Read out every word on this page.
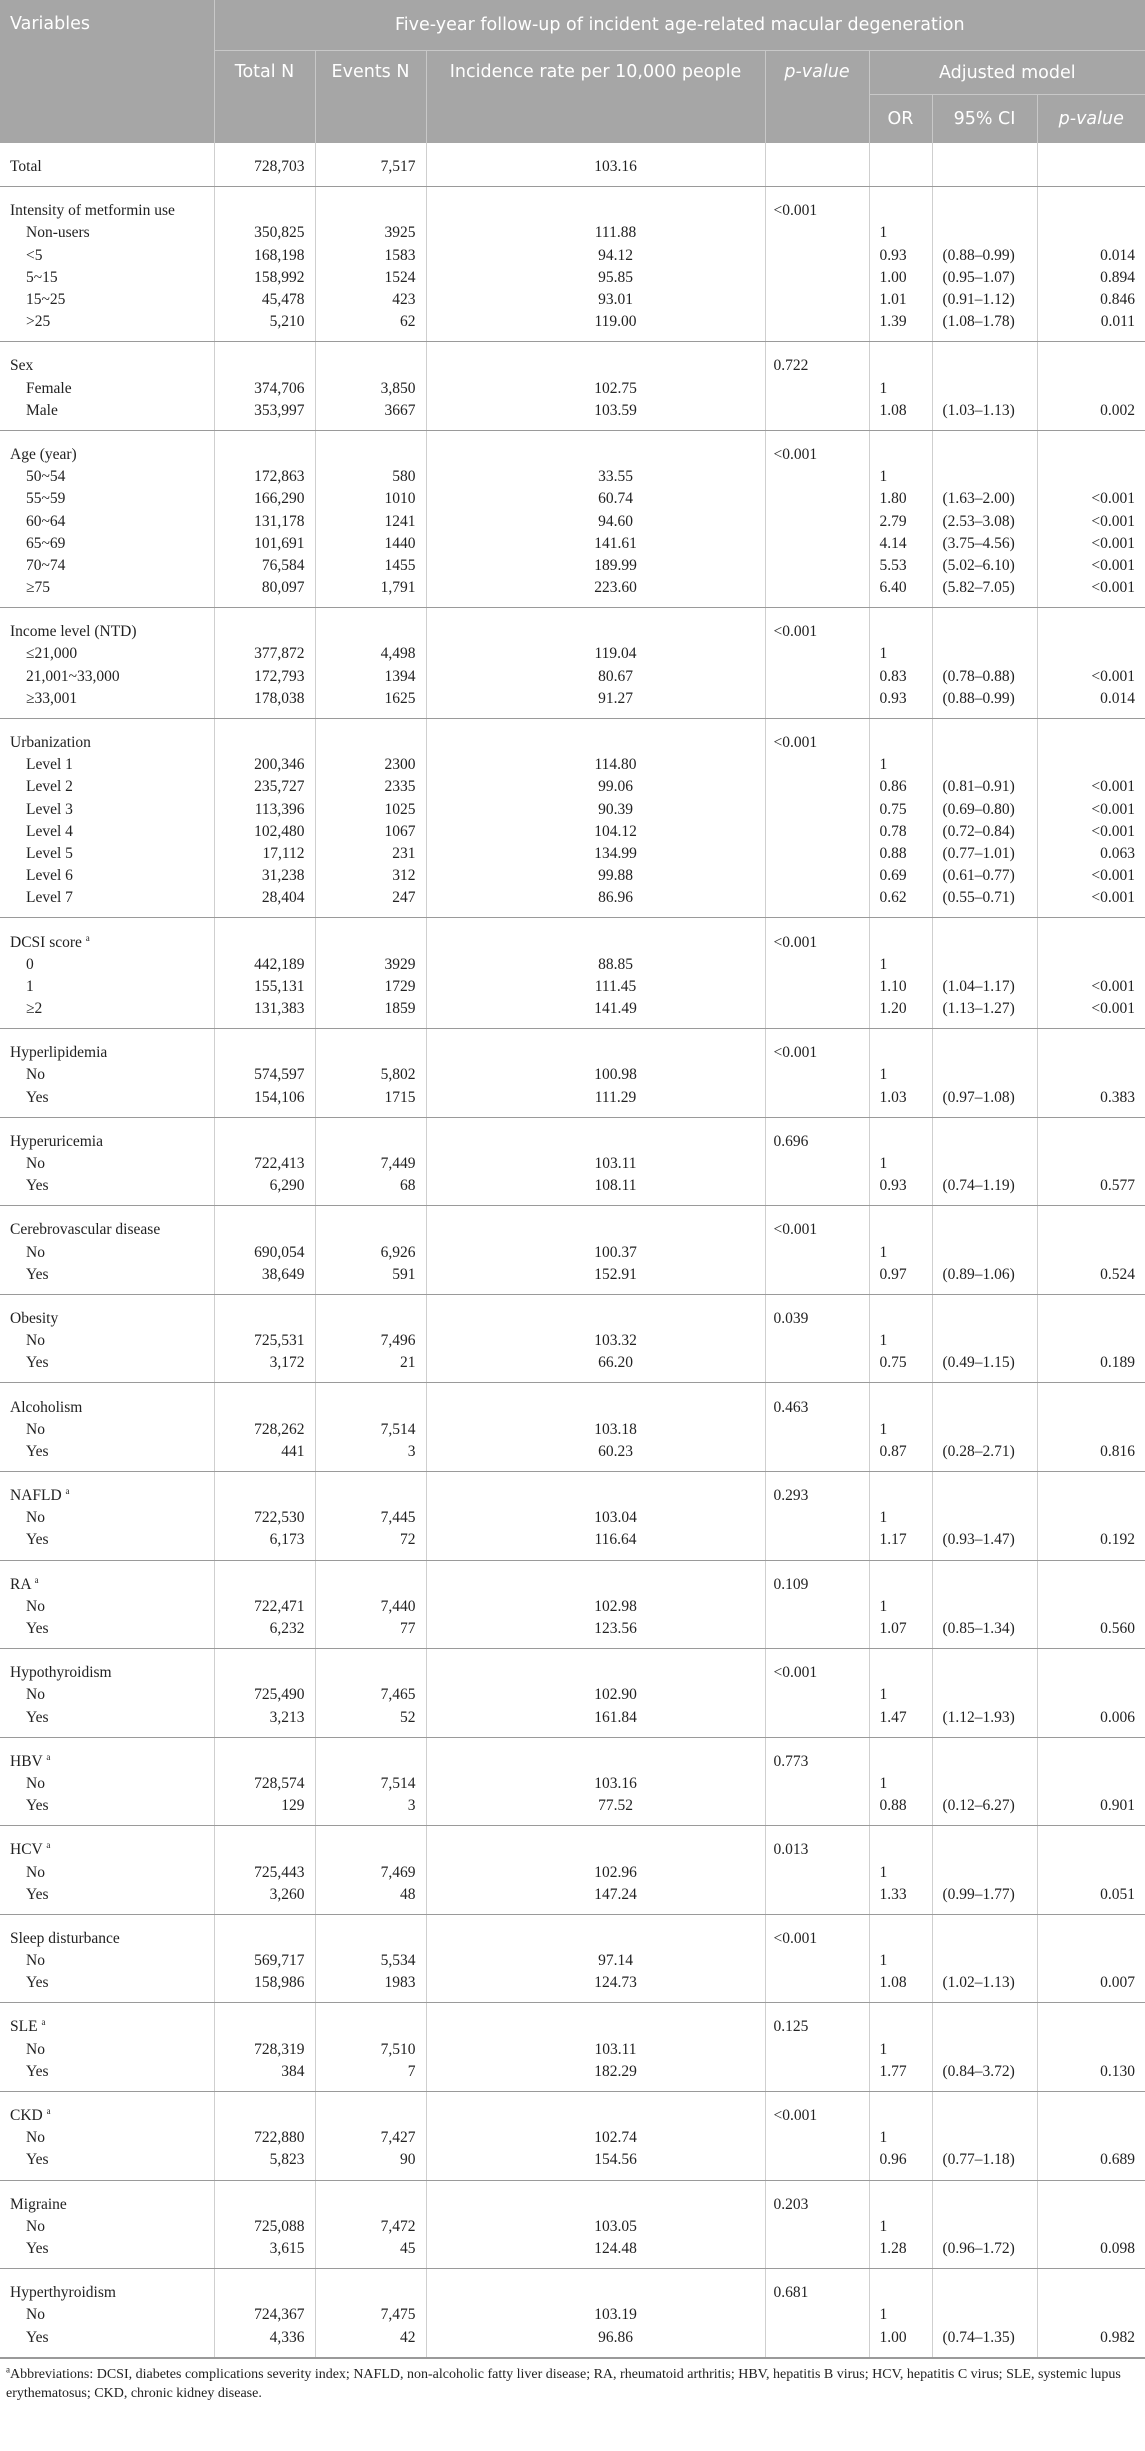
Variables	Five-year follow-up of incident age-related macular degeneration						
	Total N	Events N	Incidence rate per 10,000 people	p-value	Adjusted model		
					OR	95% CI	p-value
Total	728,703	7,517	103.16				
Intensity of metformin use				<0.001			
Non-users	350,825	3925	111.88		1		
<5	168,198	1583	94.12		0.93	(0.88–0.99)	0.014
5~15	158,992	1524	95.85		1.00	(0.95–1.07)	0.894
15~25	45,478	423	93.01		1.01	(0.91–1.12)	0.846
>25	5,210	62	119.00		1.39	(1.08–1.78)	0.011
Sex				0.722			
Female	374,706	3,850	102.75		1		
Male	353,997	3667	103.59		1.08	(1.03–1.13)	0.002
Age (year)				<0.001			
50~54	172,863	580	33.55		1		
55~59	166,290	1010	60.74		1.80	(1.63–2.00)	<0.001
60~64	131,178	1241	94.60		2.79	(2.53–3.08)	<0.001
65~69	101,691	1440	141.61		4.14	(3.75–4.56)	<0.001
70~74	76,584	1455	189.99		5.53	(5.02–6.10)	<0.001
≥75	80,097	1,791	223.60		6.40	(5.82–7.05)	<0.001
Income level (NTD)				<0.001			
≤21,000	377,872	4,498	119.04		1		
21,001~33,000	172,793	1394	80.67		0.83	(0.78–0.88)	<0.001
≥33,001	178,038	1625	91.27		0.93	(0.88–0.99)	0.014
Urbanization				<0.001			
Level 1	200,346	2300	114.80		1		
Level 2	235,727	2335	99.06		0.86	(0.81–0.91)	<0.001
Level 3	113,396	1025	90.39		0.75	(0.69–0.80)	<0.001
Level 4	102,480	1067	104.12		0.78	(0.72–0.84)	<0.001
Level 5	17,112	231	134.99		0.88	(0.77–1.01)	0.063
Level 6	31,238	312	99.88		0.69	(0.61–0.77)	<0.001
Level 7	28,404	247	86.96		0.62	(0.55–0.71)	<0.001
DCSI score $^a$				<0.001			
0	442,189	3929	88.85		1		
1	155,131	1729	111.45		1.10	(1.04–1.17)	<0.001
≥2	131,383	1859	141.49		1.20	(1.13–1.27)	<0.001
Hyperlipidemia				<0.001			
No	574,597	5,802	100.98		1		
Yes	154,106	1715	111.29		1.03	(0.97–1.08)	0.383
Hyperuricemia				0.696			
No	722,413	7,449	103.11		1		
Yes	6,290	68	108.11		0.93	(0.74–1.19)	0.577
Cerebrovascular disease				<0.001			
No	690,054	6,926	100.37		1		
Yes	38,649	591	152.91		0.97	(0.89–1.06)	0.524
Obesity				0.039			
No	725,531	7,496	103.32		1		
Yes	3,172	21	66.20		0.75	(0.49–1.15)	0.189
Alcoholism				0.463			
No	728,262	7,514	103.18		1		
Yes	441	3	60.23		0.87	(0.28–2.71)	0.816
NAFLD $^a$				0.293			
No	722,530	7,445	103.04		1		
Yes	6,173	72	116.64		1.17	(0.93–1.47)	0.192
RA $^a$				0.109			
No	722,471	7,440	102.98		1		
Yes	6,232	77	123.56		1.07	(0.85–1.34)	0.560
Hypothyroidism				<0.001			
No	725,490	7,465	102.90		1		
Yes	3,213	52	161.84		1.47	(1.12–1.93)	0.006
HBV $^a$				0.773			
No	728,574	7,514	103.16		1		
Yes	129	3	77.52		0.88	(0.12–6.27)	0.901
HCV $^a$				0.013			
No	725,443	7,469	102.96		1		
Yes	3,260	48	147.24		1.33	(0.99–1.77)	0.051
Sleep disturbance				<0.001			
No	569,717	5,534	97.14		1		
Yes	158,986	1983	124.73		1.08	(1.02–1.13)	0.007
SLE $^a$				0.125			
No	728,319	7,510	103.11		1		
Yes	384	7	182.29		1.77	(0.84–3.72)	0.130
CKD $^a$				<0.001			
No	722,880	7,427	102.74		1		
Yes	5,823	90	154.56		0.96	(0.77–1.18)	0.689
Migraine				0.203			
No	725,088	7,472	103.05		1		
Yes	3,615	45	124.48		1.28	(0.96–1.72)	0.098
Hyperthyroidism				0.681			
No	724,367	7,475	103.19		1		
Yes	4,336	42	96.86		1.00	(0.74–1.35)	0.982
$^a$Abbreviations: DCSI, diabetes complications severity index; NAFLD, non-alcoholic fatty liver disease; RA, rheumatoid arthritis; HBV, hepatitis B virus; HCV, hepatitis C virus; SLE, systemic lupus erythematosus; CKD, chronic kidney disease.
